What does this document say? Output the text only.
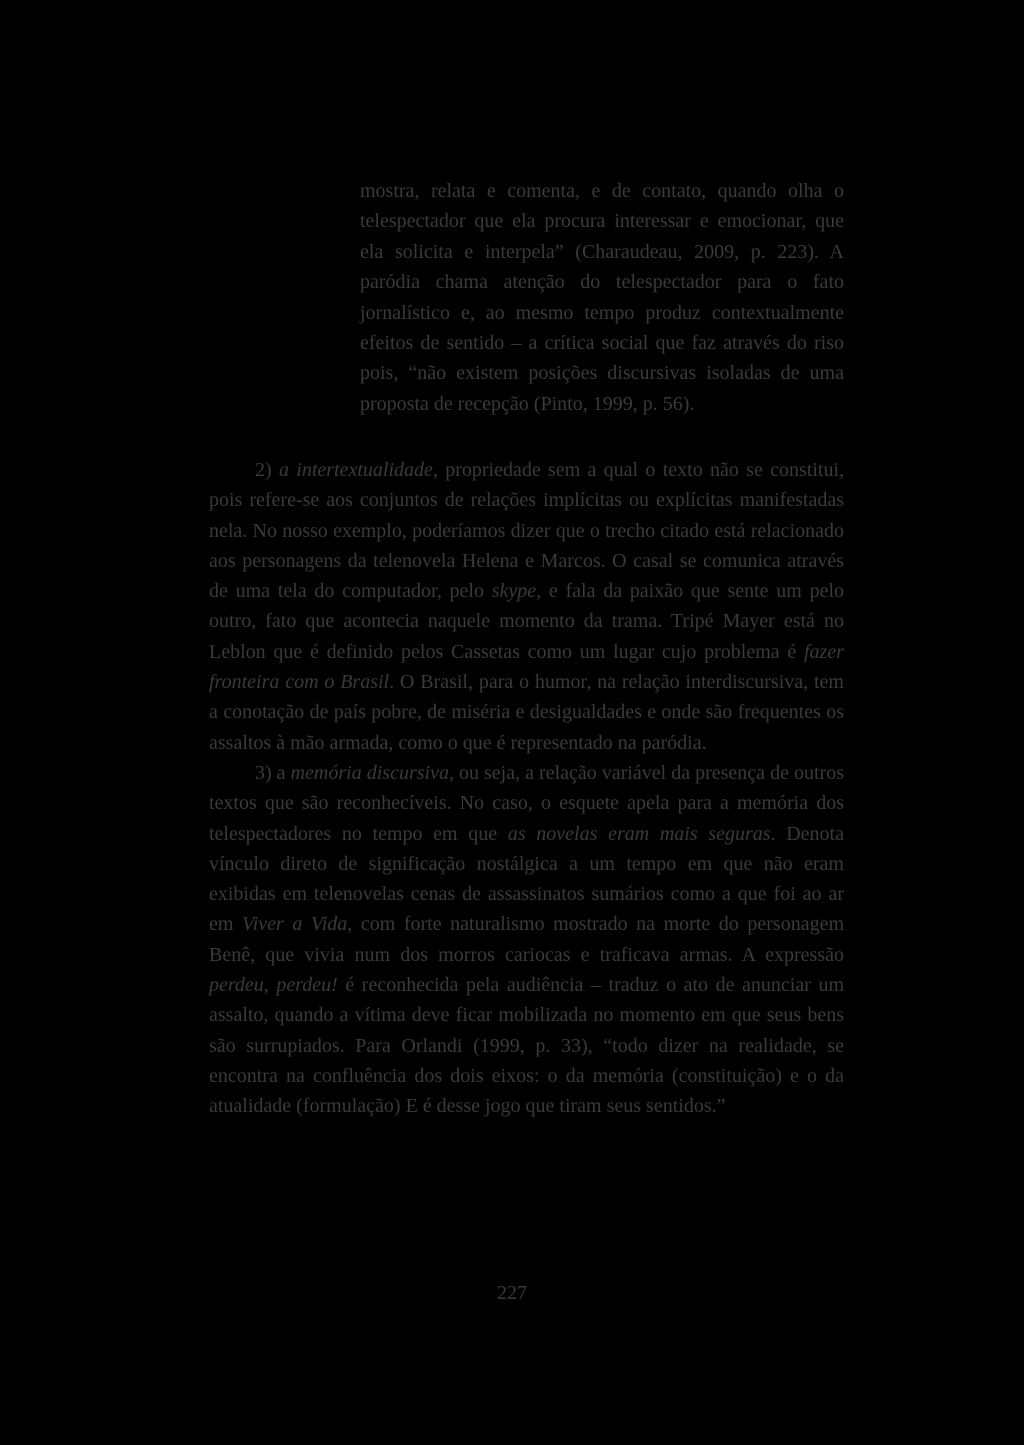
mostra, relata e comenta, e de contato, quando olha o telespectador que ela procura interessar e emocionar, que ela solicita e interpela” (Charaudeau, 2009, p. 223). A paródia chama atenção do telespectador para o fato jornalístico e, ao mesmo tempo produz contextualmente efeitos de sentido – a crítica social que faz através do riso pois, “não existem posições discursivas isoladas de uma proposta de recepção (Pinto, 1999, p. 56).

2) a intertextualidade, propriedade sem a qual o texto não se constitui, pois refere-se aos conjuntos de relações implícitas ou explícitas manifestadas nela. No nosso exemplo, poderíamos dizer que o trecho citado está relacionado aos personagens da telenovela Helena e Marcos. O casal se comunica através de uma tela do computador, pelo skype, e fala da paixão que sente um pelo outro, fato que acontecia naquele momento da trama. Tripé Mayer está no Leblon que é definido pelos Cassetas como um lugar cujo problema é fazer fronteira com o Brasil. O Brasil, para o humor, na relação interdiscursiva, tem a conotação de país pobre, de miséria e desigualdades e onde são frequentes os assaltos à mão armada, como o que é representado na paródia.

3) a memória discursiva, ou seja, a relação variável da presença de outros textos que são reconhecíveis. No caso, o esquete apela para a memória dos telespectadores no tempo em que as novelas eram mais seguras. Denota vínculo direto de significação nostálgica a um tempo em que não eram exibidas em telenovelas cenas de assassinatos sumários como a que foi ao ar em Viver a Vida, com forte naturalismo mostrado na morte do personagem Benê, que vivia num dos morros cariocas e traficava armas. A expressão perdeu, perdeu! é reconhecida pela audiência – traduz o ato de anunciar um assalto, quando a vítima deve ficar mobilizada no momento em que seus bens são surrupiados. Para Orlandi (1999, p. 33), “todo dizer na realidade, se encontra na confluência dos dois eixos: o da memória (constituição) e o da atualidade (formulação) E é desse jogo que tiram seus sentidos.”

227
